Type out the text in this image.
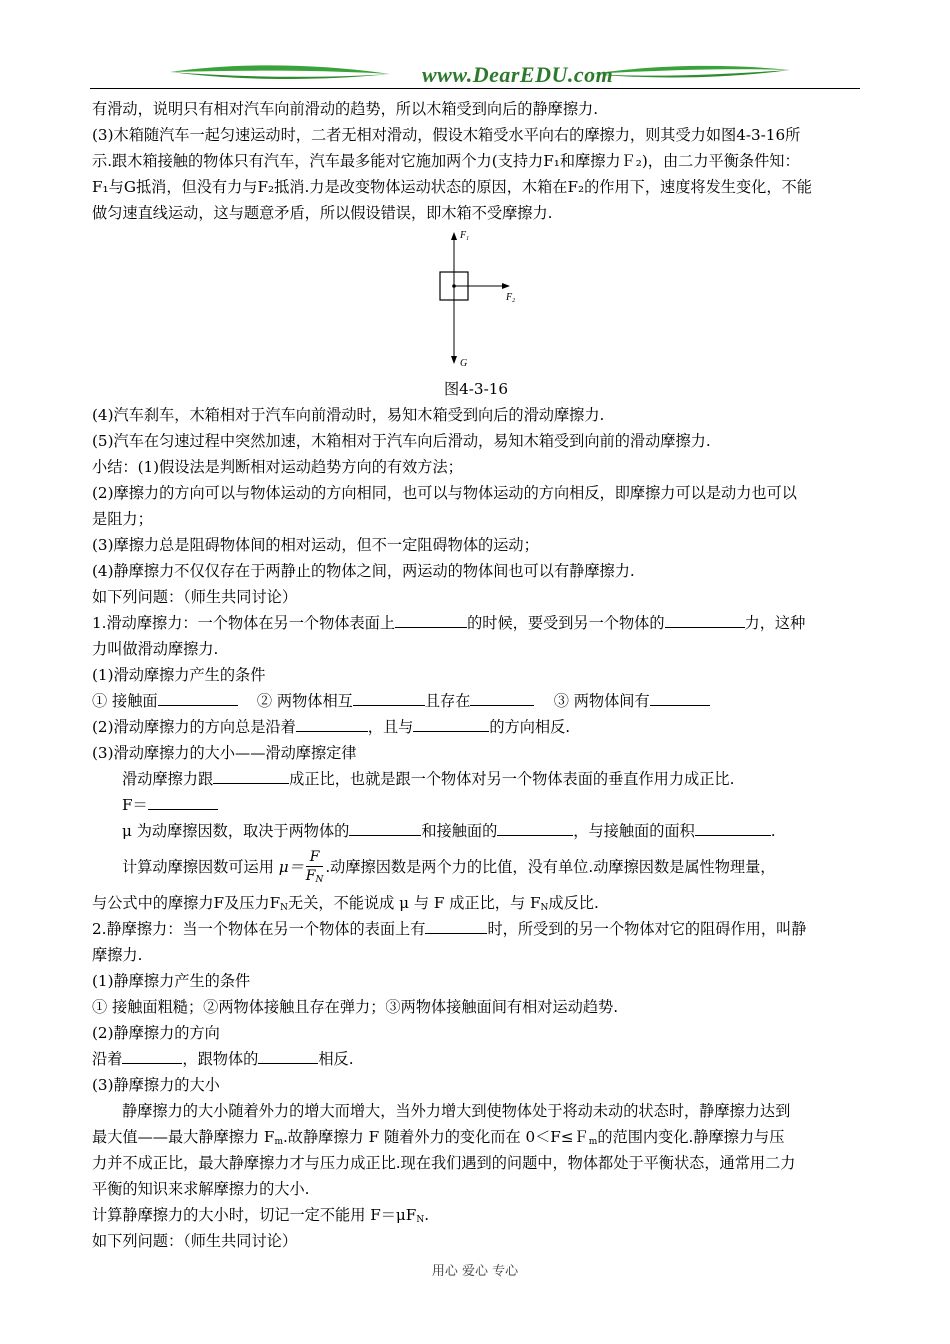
www.DearEDU.com
有滑动，说明只有相对汽车向前滑动的趋势，所以木箱受到向后的静摩擦力.
(3)木箱随汽车一起匀速运动时，二者无相对滑动，假设木箱受水平向右的摩擦力，则其受力如图4-3-16所
示.跟木箱接触的物体只有汽车，汽车最多能对它施加两个力(支持力F₁和摩擦力Ｆ₂)，由二力平衡条件知：
F₁与G抵消，但没有力与F₂抵消.力是改变物体运动状态的原因，木箱在F₂的作用下，速度将发生变化，不能
做匀速直线运动，这与题意矛盾，所以假设错误，即木箱不受摩擦力.
$F_1$
$F_2$
G
图4-3-16
(4)汽车刹车，木箱相对于汽车向前滑动时，易知木箱受到向后的滑动摩擦力.
(5)汽车在匀速过程中突然加速，木箱相对于汽车向后滑动，易知木箱受到向前的滑动摩擦力.
小结：(1)假设法是判断相对运动趋势方向的有效方法；
(2)摩擦力的方向可以与物体运动的方向相同，也可以与物体运动的方向相反，即摩擦力可以是动力也可以
是阻力；
(3)摩擦力总是阻碍物体间的相对运动，但不一定阻碍物体的运动；
(4)静摩擦力不仅仅存在于两静止的物体之间，两运动的物体间也可以有静摩擦力.
如下列问题：（师生共同讨论）
1.滑动摩擦力：一个物体在另一个物体表面上	的时候，要受到另一个物体的	力，这种
力叫做滑动摩擦力.
(1)滑动摩擦力产生的条件
① 接触面	② 两物体相互	且存在	③ 两物体间有
(2)滑动摩擦力的方向总是沿着	，且与	的方向相反.
(3)滑动摩擦力的大小——滑动摩擦定律
滑动摩擦力跟	成正比，也就是跟一个物体对另一个物体表面的垂直作用力成正比.
F＝
μ 为动摩擦因数，取决于两物体的	和接触面的	，与接触面的面积	.
计算动摩擦因数可运用 $\mu= \frac{F}{F_N}$ .动摩擦因数是两个力的比值，没有单位.动摩擦因数是属性物理量，
与公式中的摩擦力F及压力$F_N$无关，不能说成 μ 与 F 成正比，与 $F_N$成反比.
2.静摩擦力：当一个物体在另一个物体的表面上有	时，所受到的另一个物体对它的阻碍作用，叫静
摩擦力.
(1)静摩擦力产生的条件
① 接触面粗糙；②两物体接触且存在弹力；③两物体接触面间有相对运动趋势.
(2)静摩擦力的方向
沿着	，跟物体的	相反.
(3)静摩擦力的大小
静摩擦力的大小随着外力的增大而增大，当外力增大到使物体处于将动未动的状态时，静摩擦力达到
最大值——最大静摩擦力 $F_m$.故静摩擦力 F 随着外力的变化而在 0＜F≤Ｆ$_m$的范围内变化.静摩擦力与压
力并不成正比，最大静摩擦力才与压力成正比.现在我们遇到的问题中，物体都处于平衡状态，通常用二力
平衡的知识来求解摩擦力的大小.
计算静摩擦力的大小时，切记一定不能用 $F=\mu F_N$.
如下列问题：（师生共同讨论）
用心 爱心 专心
